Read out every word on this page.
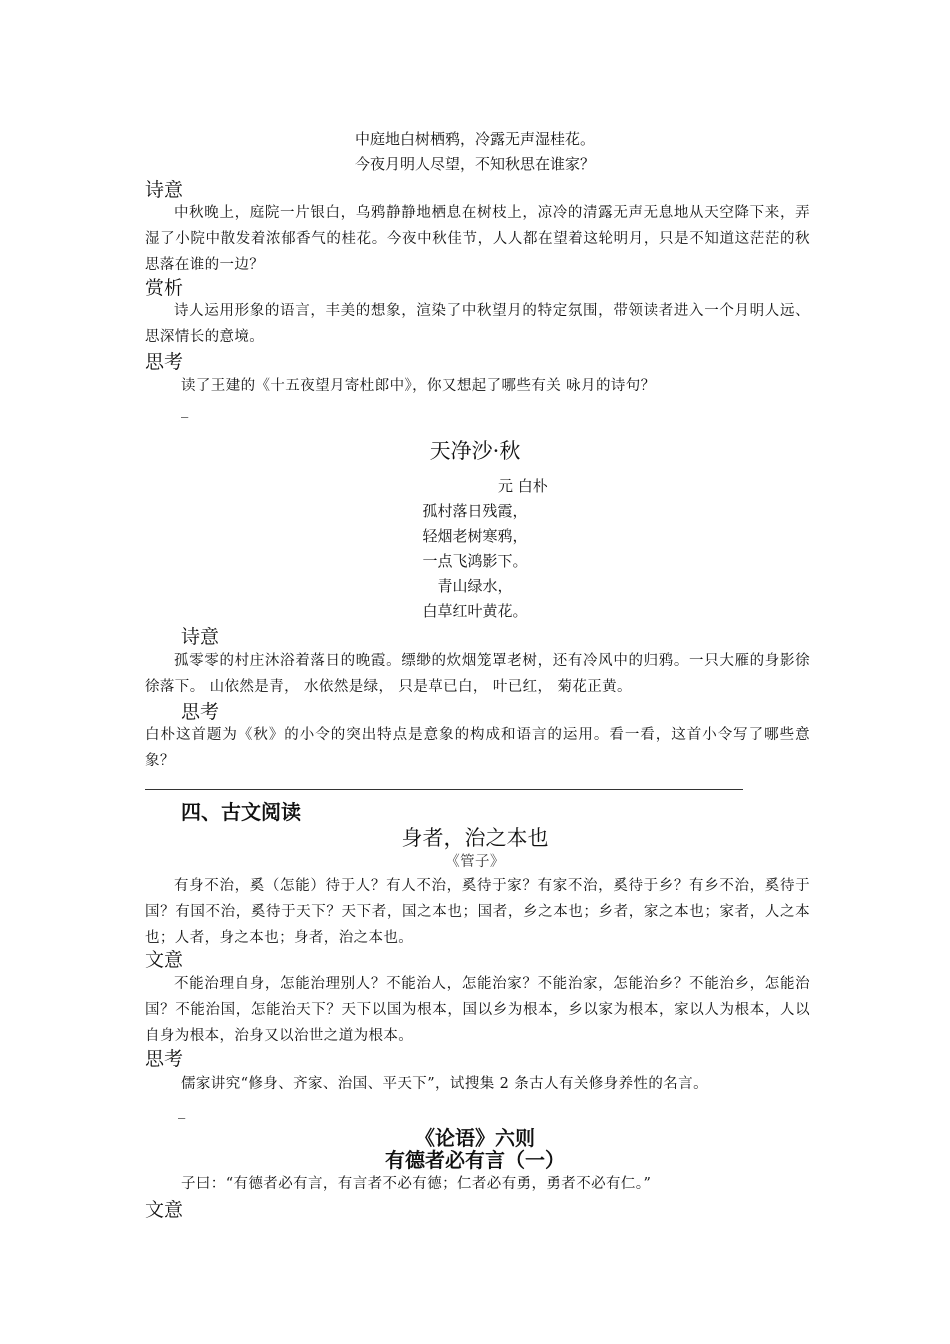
中庭地白树栖鸦，冷露无声湿桂花。
今夜月明人尽望，不知秋思在谁家？
诗意
中秋晚上，庭院一片银白，乌鸦静静地栖息在树枝上，凉冷的清露无声无息地从天空降下来，弄湿了小院中散发着浓郁香气的桂花。今夜中秋佳节，人人都在望着这轮明月，只是不知道这茫茫的秋思落在谁的一边？
赏析
诗人运用形象的语言，丰美的想象，渲染了中秋望月的特定氛围，带领读者进入一个月明人远、思深情长的意境。
思考
读了王建的《十五夜望月寄杜郎中》，你又想起了哪些有关 咏月的诗句？
_
天净沙·秋
元 白朴
孤村落日残霞，
轻烟老树寒鸦，
一点飞鸿影下。
青山绿水，
白草红叶黄花。
诗意
孤零零的村庄沐浴着落日的晚霞。缥缈的炊烟笼罩老树，还有冷风中的归鸦。一只大雁的身影徐徐落下。 山依然是青， 水依然是绿， 只是草已白， 叶已红， 菊花正黄。
思考
白朴这首题为《秋》的小令的突出特点是意象的构成和语言的运用。看一看，这首小令写了哪些意象？
四、古文阅读
身者，治之本也
《管子》
有身不治，奚（怎能）待于人？有人不治，奚待于家？有家不治，奚待于乡？有乡不治，奚待于国？有国不治，奚待于天下？天下者，国之本也；国者，乡之本也；乡者，家之本也；家者，人之本也；人者，身之本也；身者，治之本也。
文意
不能治理自身，怎能治理别人？不能治人，怎能治家？不能治家，怎能治乡？不能治乡，怎能治国？不能治国，怎能治天下？天下以国为根本，国以乡为根本，乡以家为根本，家以人为根本，人以自身为根本，治身又以治世之道为根本。
思考
儒家讲究“修身、齐家、治国、平天下”，试搜集 2 条古人有关修身养性的名言。
_
《论语》六则
有德者必有言（一）
子曰：“有德者必有言，有言者不必有德；仁者必有勇，勇者不必有仁。”
文意
